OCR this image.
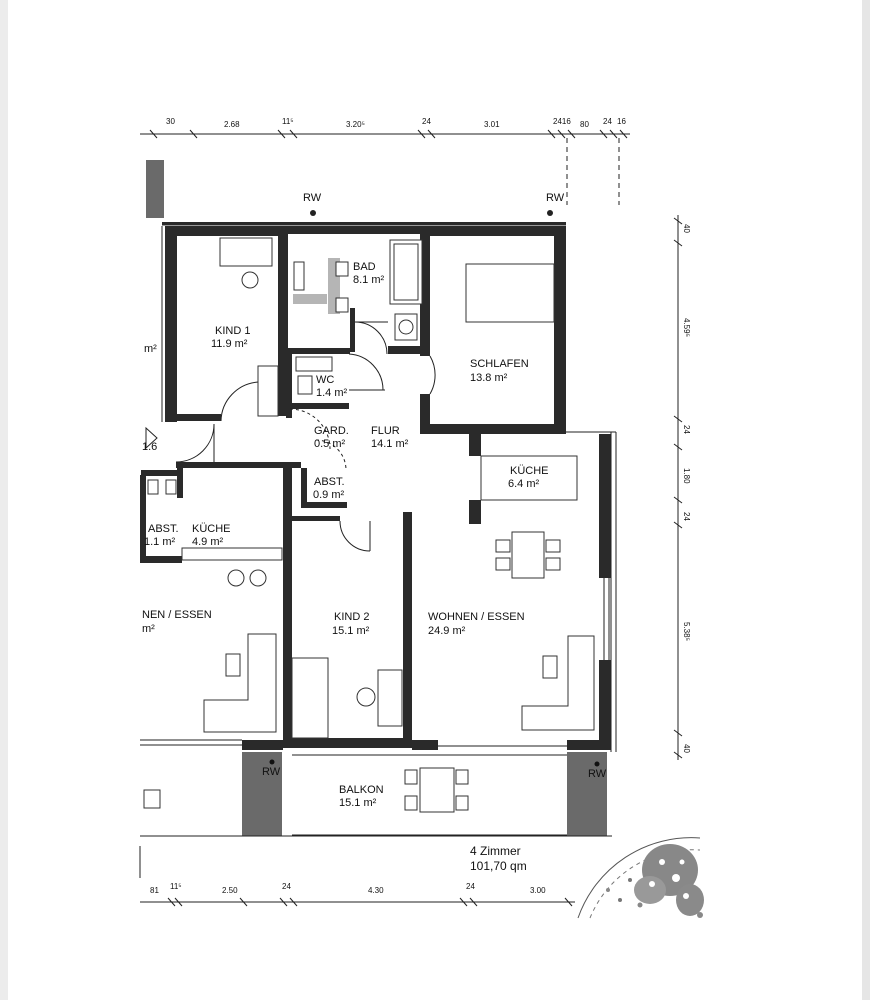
30	2.68	11⁵	3.20⁵	24	3.01	2416 80 24 16
40
4.59⁵
24
1.80
24
5.38⁵
40
81 11⁵	2.50	24	4.30	24	3.00
RW	RW
RW	RW
4 Zimmer
101,70 qm
KIND 1
11.9 m²
BAD
8.1 m²
SCHLAFEN
13.8 m²
WC
1.4 m²
GARD.
0.5 m²
FLUR
14.1 m²
KÜCHE
6.4 m²
ABST.
0.9 m²
ABST.
1.1 m²
KÜCHE
4.9 m²
NEN / ESSEN
m²
KIND 2
15.1 m²
WOHNEN / ESSEN
24.9 m²
BALKON
15.1 m²
m²
1.6
